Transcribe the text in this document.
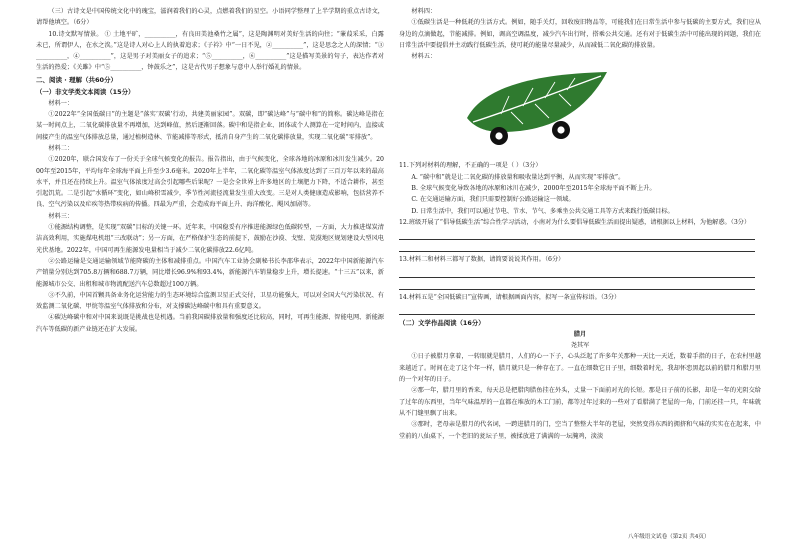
（三）古诗文是中国传统文化中的瑰宝，滋润着我们的心灵，点燃着我们的星空。小语同学整理了上半学期的重点古诗文，请帮他填空。（6分）

10.诗文默写情景。 ① 土地平旷，__________，有良田美池桑竹之属”，这是陶渊明对美好生活的向往；“蒹葭采采，白露未已，所谓伊人，在水之涘。”这是诗人对心上人的执着追求；《子衿》中“一日不见，②__________”，这是思念之人的深情；“③__________，④__________”，这是男子对美丽女子的追求；“⑤__________，⑥__________”这是描写美景的句子，表达作者对生活的热爱；《关雎》中“⑤__________，钟鼓乐之”，这是古代男子想象与意中人举行婚礼的情景。

二、阅读 · 理解（共60分）

（一）非文学类文本阅读（15分）

材料一：

①2022年“全国低碳日”的主题是“落实‘双碳’行动，共建美丽家园”。双碳，即“碳达峰”与“碳中和”的简称。碳达峰是指在某一时间点上，二氧化碳排放量不再增加，达到峰值，然后逐渐回落。碳中和是指企业、团体或个人测算在一定时间内，直接或间接产生的温室气体排放总量，通过植树造林、节能减排等形式，抵消自身产生的二氧化碳排放量，实现二氧化碳“零排放”。

材料二：

①2020年，联合国发布了一份关于全球气候变化的报告。报告指出，由于气候变化，全球各地的冰原和冰川发生减少。2000年至2015年，平均每年全球海平面上升至少3.6毫米。2020年上半年，二氧化碳等温室气体浓度达到了三百万年以来的最高水平，并且还在持续上升。温室气体浓度过高会引起哪些后果呢？一是会全世界上许多地区的土壤肥力下降，不适合耕作，甚至引起饥荒。二是引起“水循环”变化，如山峰积雪减少，季节性河流径流量发生重大改变。三是对人类健康造成影响，包括营养不良、空气污染以及疟疾等热带疾病的传播。四最为严重，会造成海平面上升、海洋酸化、飓风加剧等。

材料三：

①能源结构调整，是实现“双碳”目标的关键一环。近年来，中国稳妥有序推进能源绿色低碳转型，一方面，大力推进煤炭清洁高效利用，实施煤电机组“三改联动”；另一方面，在严格保护生态的前提下，鼓励在沙漠、戈壁、荒漠地区规划建设大型风电光伏基地。2022年，中国可再生能源发电量相当于减少二氧化碳排放22.6亿吨。

②公路运输是交通运输领域节能降碳的主体和减排重点。中国汽车工业协会副秘书长李邵华表示，2022年中国新能源汽车产销量分别达到705.8万辆和688.7万辆，同比增长96.9%和93.4%，新能源汽车销量稳步上升，增长提速。“十三五”以来，新能源城市公交、出租和城市物流配送汽车总数超过100万辆。

③不久前，中国首颗具备业务化运营能力的生态环境综合监测卫星正式交付，卫星功能强大，可以对全国大气污染状况、有效监测二氧化碳、甲烷等温室气体排放和分布，对支撑碳达峰碳中和具有重要意义。

④碳达峰碳中和对中国来说既是挑战也是机遇。当前我国碳排放量和强度还比较高，同时，可再生能源、智能电网、新能源汽车等低碳的新产业链还在扩大发展。

材料四：

①低碳生活是一种低耗的生活方式。例如，随手关灯，回收废旧物品等，可能我们在日常生活中参与低碳的主要方式，我们应从身边的点滴做起，节能减排。例如，调高空调温度，减少汽车出行时，搭乘公共交通。还有对于低碳生活中可能出现的问题，我们在日常生活中要提倡并主动践行低碳生活，使可耗的能量尽量减少，从而减低二氧化碳的排放量。

材料五：

11.下列对材料的理解，不正确的一项是（ ）（3分）

A. “碳中和”就是让二氧化碳的排放量和吸收量达到平衡，从而实现“零排放”。

B. 全球气候变化导致各地的冰原和冰川在减少，2000年至2015年全球海平面不断上升。

C. 在交通运输方面，我们只需要控制好公路运输这一领域。

D. 日常生活中，我们可以通过节电、节水、节气、多乘坐公共交通工具等方式来践行低碳目标。

12.班级开展了“倡导低碳生活”综合性学习活动，小南对为什么要倡导低碳生活而提出疑惑，请根据以上材料，为他解惑。（3分）

13.材料二和材料三都写了数据，请简要说说其作用。（6分）

14.材料五是“全国低碳日”宣传画，请根据画面内容，拟写一条宣传标语。（3分）

（二）文学作品阅读（16分）

腊月

尧其军

①日子被腊月拿着，一转眼就是腊月，人们的心一下子，心头泛起了许多年关那种一天比一天近，数着手指的日子，在农村里越来越近了。时间在走了这个年一样，腊月就只是一种存在了。一直在细数它日子里，细数着时光，我却怀恋黑起以前的腊月和腊月里的一个对年的日子。

②那一年，腊月里的香来，每天总是把腊肉腊鱼挂在外头，丈量一下面前对光的长短。那是日子前的长影，却是一年的光阴交给了过年的东西里，当年气味温厚的一直都在堆放的木工门前，都等过年过来的一些对了看腊满了老屋的一角，门前还挂一只，年味就从不门缝里飘了出来。

③那时，老母亲是腊月的代名词，一跨进腊月的门，空当了整整大半年的老屋，突然变得东西的拥挤和气味的实实在在起来，中堂前的八仙桌下，一个老旧的瓮坛子里，被揉放进了满满的一坛腌鸡，淡淡

八年级语文试卷（第2页 共4页）
